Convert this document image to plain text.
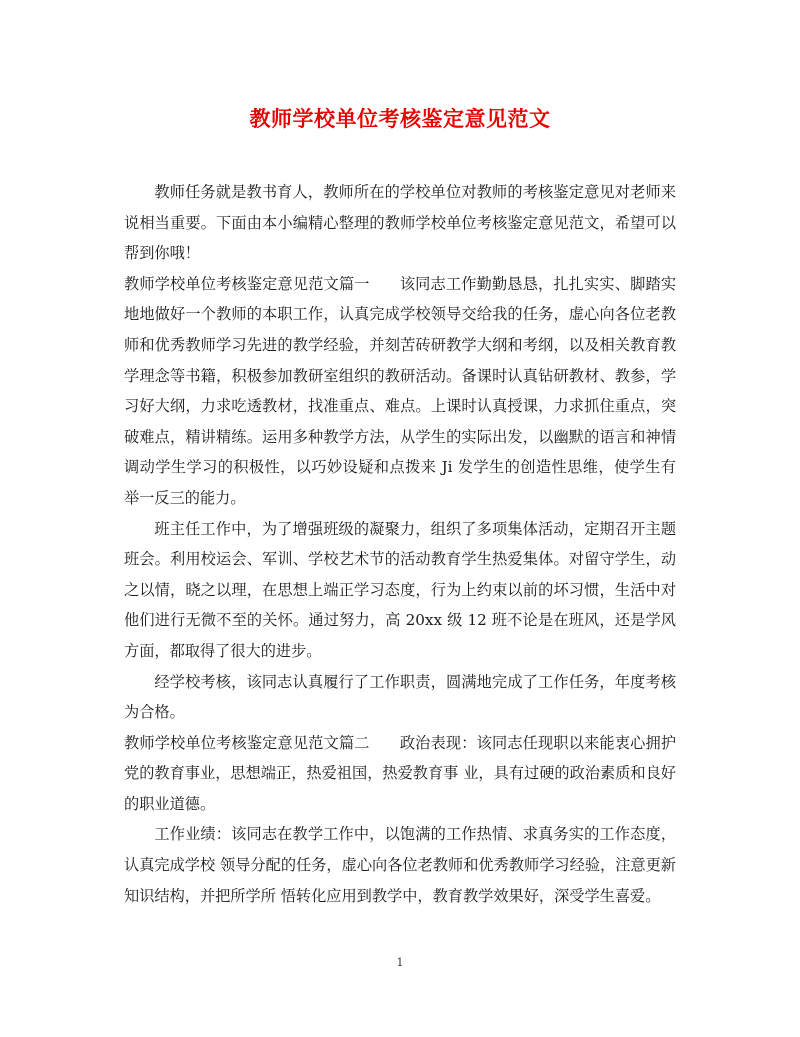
教师学校单位考核鉴定意见范文

教师任务就是教书育人，教师所在的学校单位对教师的考核鉴定意见对老师来说相当重要。下面由本小编精心整理的教师学校单位考核鉴定意见范文，希望可以帮到你哦！

教师学校单位考核鉴定意见范文篇一 该同志工作勤勤恳恳，扎扎实实、脚踏实地地做好一个教师的本职工作，认真完成学校领导交给我的任务，虚心向各位老教师和优秀教师学习先进的教学经验，并刻苦砖研教学大纲和考纲，以及相关教育教学理念等书籍，积极参加教研室组织的教研活动。备课时认真钻研教材、教参，学习好大纲，力求吃透教材，找准重点、难点。上课时认真授课，力求抓住重点，突破难点，精讲精练。运用多种教学方法，从学生的实际出发，以幽默的语言和神情调动学生学习的积极性，以巧妙设疑和点拨来 Ji 发学生的创造性思维，使学生有举一反三的能力。

班主任工作中，为了增强班级的凝聚力，组织了多项集体活动，定期召开主题班会。利用校运会、军训、学校艺术节的活动教育学生热爱集体。对留守学生，动之以情，晓之以理，在思想上端正学习态度，行为上约束以前的坏习惯，生活中对他们进行无微不至的关怀。通过努力，高 20xx 级 12 班不论是在班风，还是学风方面，都取得了很大的进步。

经学校考核，该同志认真履行了工作职责，圆满地完成了工作任务，年度考核为合格。

教师学校单位考核鉴定意见范文篇二 政治表现：该同志任现职以来能衷心拥护党的教育事业，思想端正，热爱祖国，热爱教育事 业，具有过硬的政治素质和良好的职业道德。

工作业绩：该同志在教学工作中，以饱满的工作热情、求真务实的工作态度，认真完成学校 领导分配的任务，虚心向各位老教师和优秀教师学习经验，注意更新知识结构，并把所学所 悟转化应用到教学中，教育教学效果好，深受学生喜爱。

1
